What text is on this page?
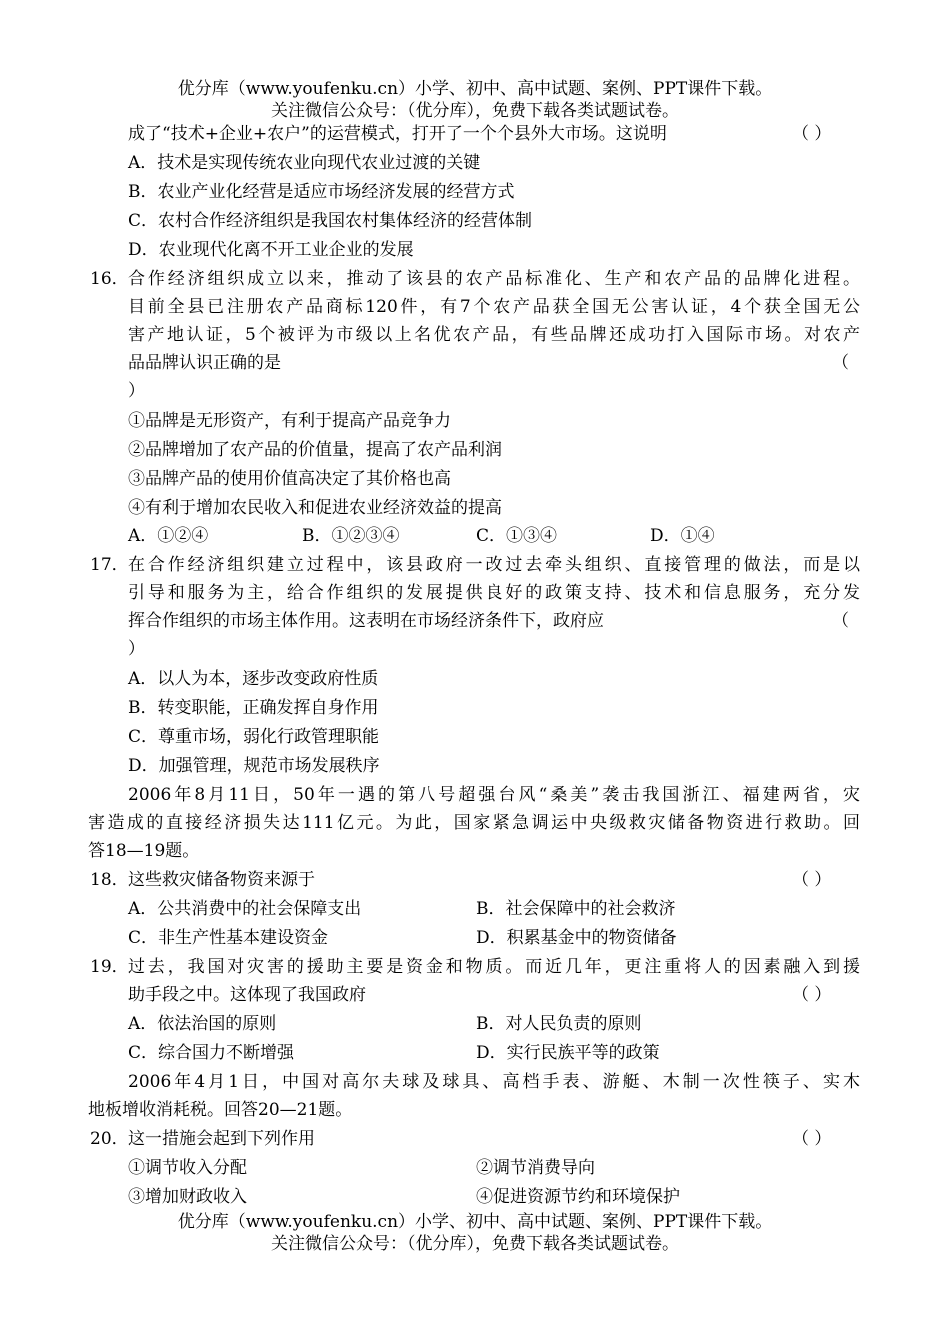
优分库（www.youfenku.cn）小学、初中、高中试题、案例、PPT课件下载。
关注微信公众号：（优分库），免费下载各类试题试卷。
成了“技术+企业+农户”的运营模式，打开了一个个县外大市场。这说明	（ ）
A．技术是实现传统农业向现代农业过渡的关键
B．农业产业化经营是适应市场经济发展的经营方式
C．农村合作经济组织是我国农村集体经济的经营体制
D．农业现代化离不开工业企业的发展
16． 合作经济组织成立以来，推动了该县的农产品标准化、生产和农产品的品牌化进程。
目前全县已注册农产品商标120件，有7个农产品获全国无公害认证，4个获全国无公
害产地认证，5个被评为市级以上名优农产品，有些品牌还成功打入国际市场。对农产
品品牌认识正确的是	（
）
①品牌是无形资产，有利于提高产品竞争力
②品牌增加了农产品的价值量，提高了农产品利润
③品牌产品的使用价值高决定了其价格也高
④有利于增加农民收入和促进农业经济效益的提高
A．①②④	B．①②③④	C．①③④	D．①④
17． 在合作经济组织建立过程中，该县政府一改过去牵头组织、直接管理的做法，而是以
引导和服务为主，给合作组织的发展提供良好的政策支持、技术和信息服务，充分发
挥合作组织的市场主体作用。这表明在市场经济条件下，政府应	（
）
A．以人为本，逐步改变政府性质
B．转变职能，正确发挥自身作用
C．尊重市场，弱化行政管理职能
D．加强管理，规范市场发展秩序
2006年8月11日，50年一遇的第八号超强台风“桑美”袭击我国浙江、福建两省，灾
害造成的直接经济损失达111亿元。为此，国家紧急调运中央级救灾储备物资进行救助。回
答18—19题。
18． 这些救灾储备物资来源于	（ ）
A．公共消费中的社会保障支出	B．社会保障中的社会救济
C．非生产性基本建设资金	D．积累基金中的物资储备
19． 过去，我国对灾害的援助主要是资金和物质。而近几年，更注重将人的因素融入到援
助手段之中。这体现了我国政府	（ ）
A．依法治国的原则	B．对人民负责的原则
C．综合国力不断增强	D．实行民族平等的政策
2006年4月1日，中国对高尔夫球及球具、高档手表、游艇、木制一次性筷子、实木
地板增收消耗税。回答20—21题。
20． 这一措施会起到下列作用	（ ）
①调节收入分配	②调节消费导向
③增加财政收入	④促进资源节约和环境保护
优分库（www.youfenku.cn）小学、初中、高中试题、案例、PPT课件下载。
关注微信公众号：（优分库），免费下载各类试题试卷。
